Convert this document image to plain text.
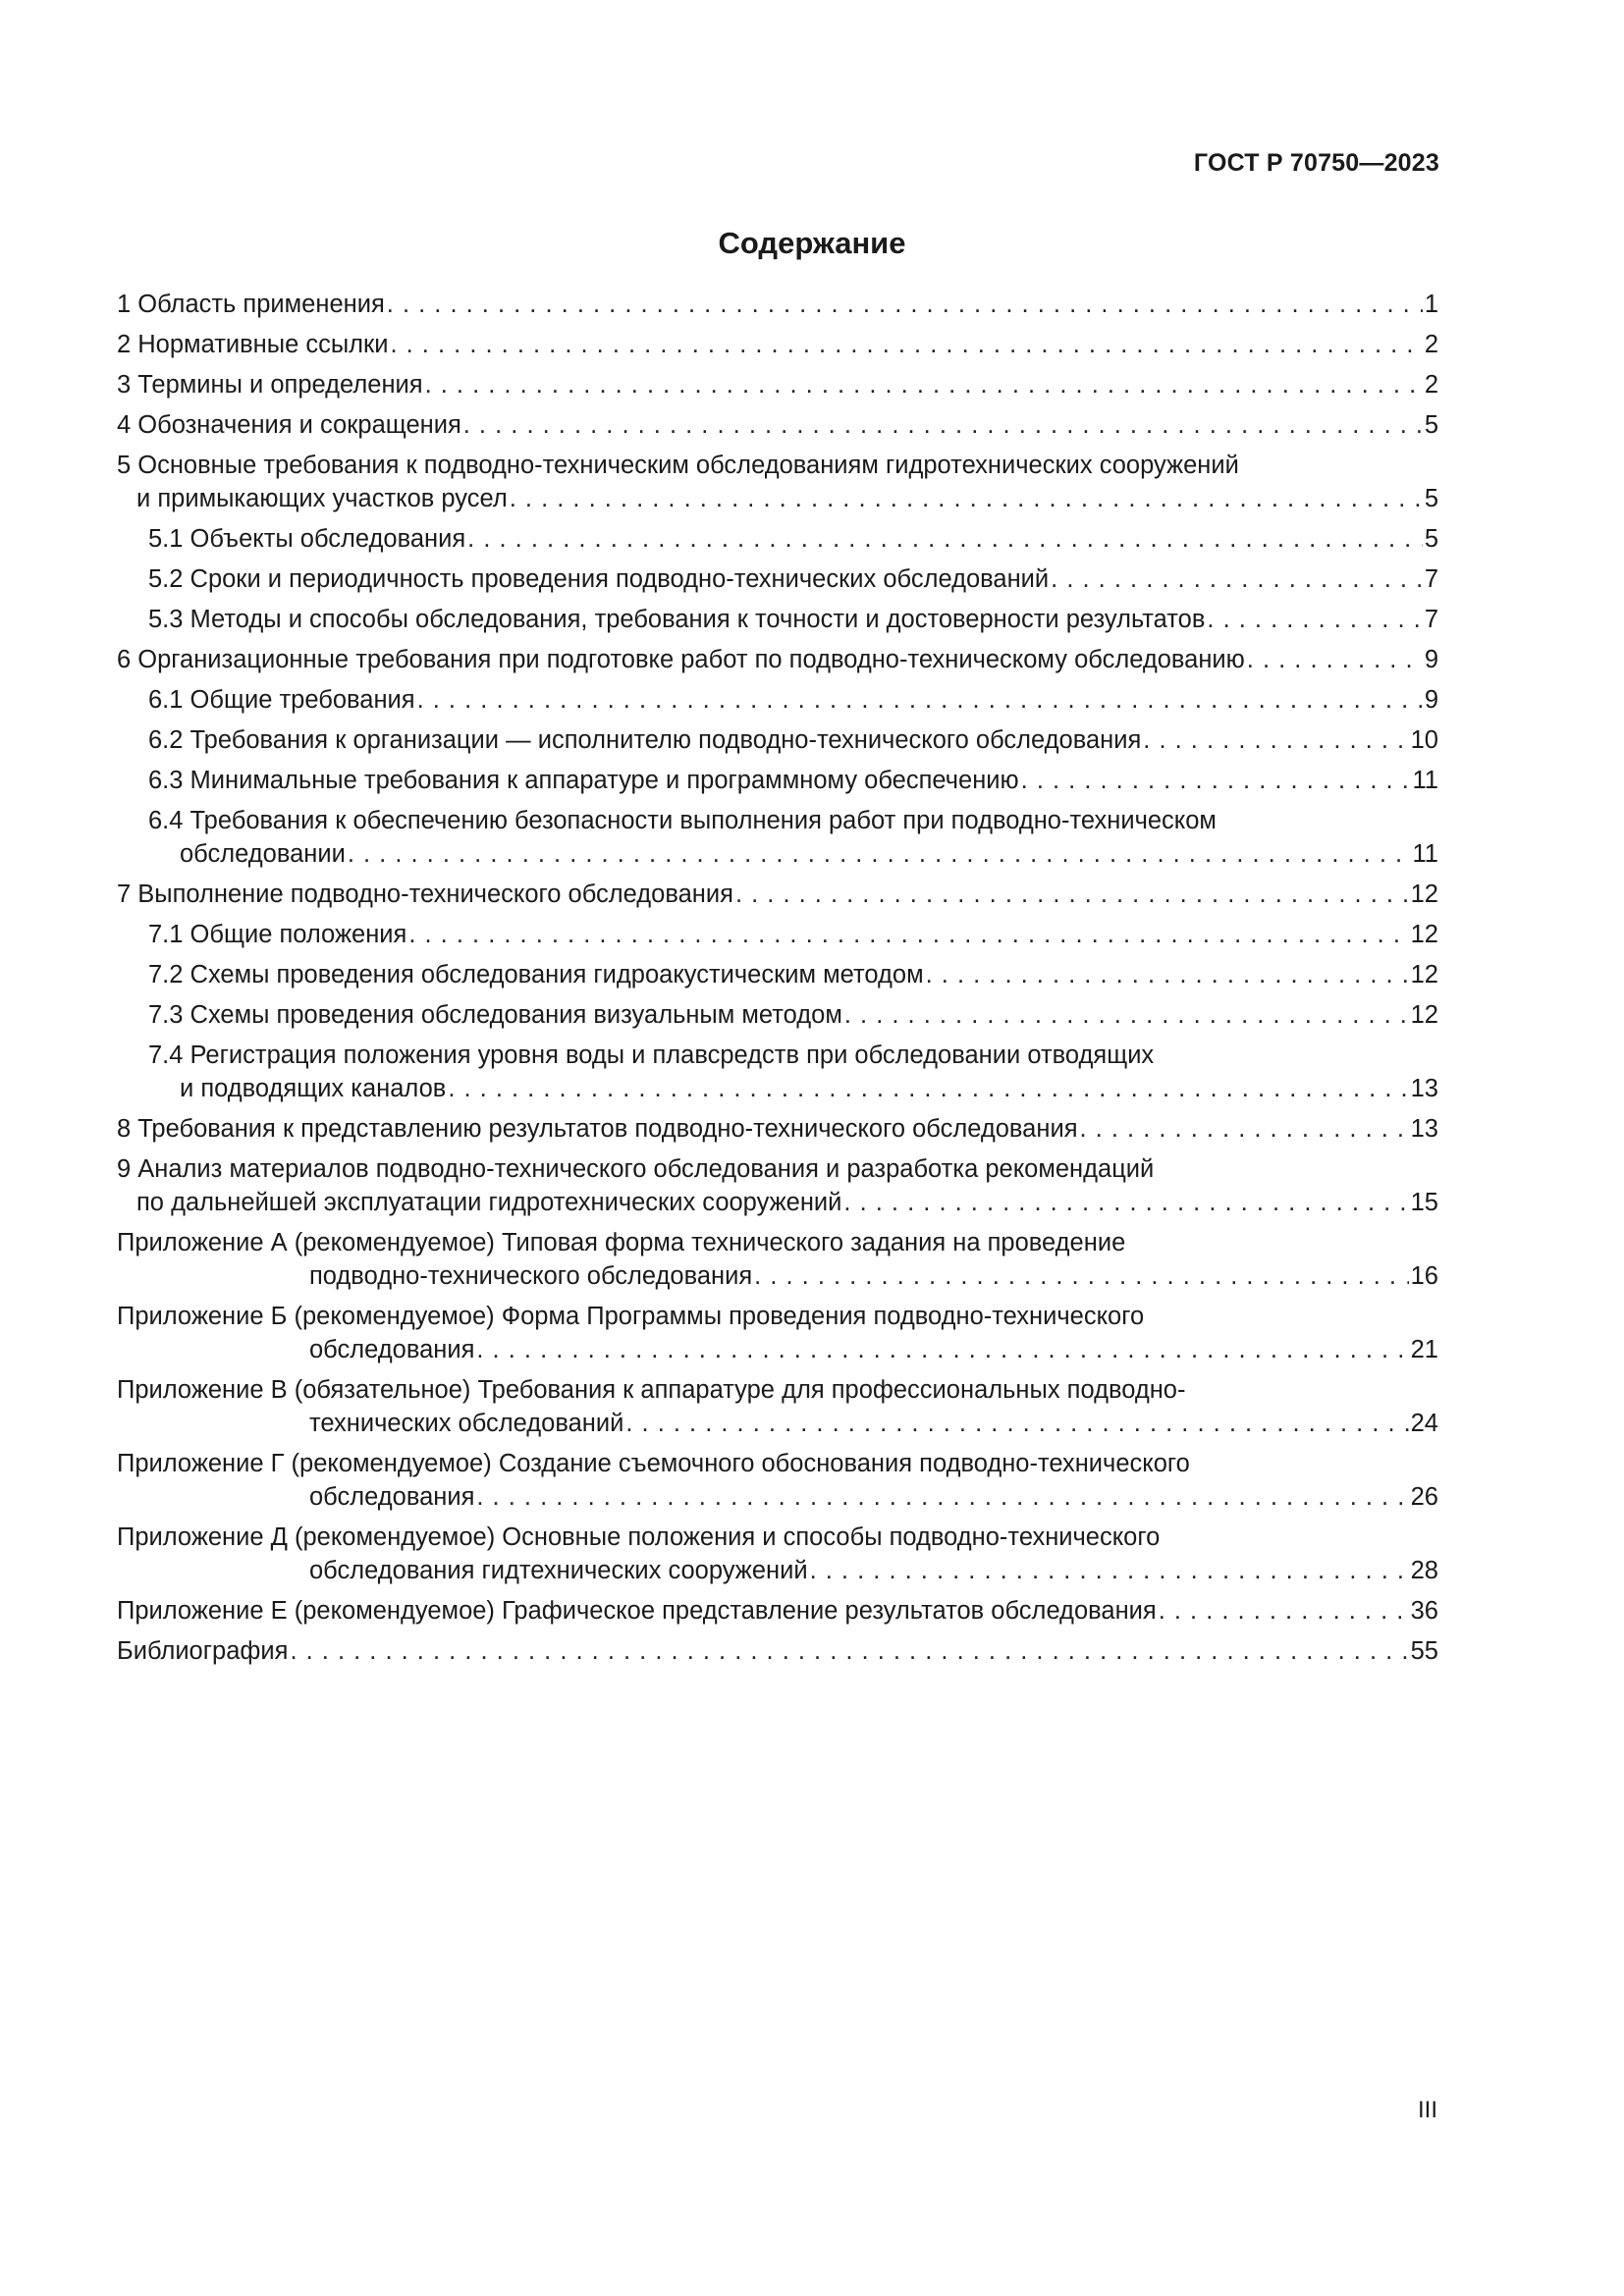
ГОСТ Р 70750—2023
Содержание
1 Область применения . . .	1
2 Нормативные ссылки . . .	2
3 Термины и определения . . .	2
4 Обозначения и сокращения . . .	5
5 Основные требования к подводно-техническим обследованиям гидротехнических сооружений
и примыкающих участков русел . . .	5
5.1 Объекты обследования . . .	5
5.2 Сроки и периодичность проведения подводно-технических обследований . . .	7
5.3 Методы и способы обследования, требования к точности и достоверности результатов . . .	7
6 Организационные требования при подготовке работ по подводно-техническому обследованию . . .	9
6.1 Общие требования . . .	9
6.2 Требования к организации — исполнителю подводно-технического обследования . . .	10
6.3 Минимальные требования к аппаратуре и программному обеспечению . . .	11
6.4 Требования к обеспечению безопасности выполнения работ при подводно-техническом
обследовании . . .	11
7 Выполнение подводно-технического обследования . . .	12
7.1 Общие положения . . .	12
7.2 Схемы проведения обследования гидроакустическим методом . . .	12
7.3 Схемы проведения обследования визуальным методом . . .	12
7.4 Регистрация положения уровня воды и плавсредств при обследовании отводящих
и подводящих каналов . . .	13
8 Требования к представлению результатов подводно-технического обследования . . .	13
9 Анализ материалов подводно-технического обследования и разработка рекомендаций
по дальнейшей эксплуатации гидротехнических сооружений . . .	15
Приложение А (рекомендуемое) Типовая форма технического задания на проведение
подводно-технического обследования . . .	16
Приложение Б (рекомендуемое) Форма Программы проведения подводно-технического
обследования . . .	21
Приложение В (обязательное) Требования к аппаратуре для профессиональных подводно-
технических обследований . . .	24
Приложение Г (рекомендуемое) Создание съемочного обоснования подводно-технического
обследования . . .	26
Приложение Д (рекомендуемое) Основные положения и способы подводно-технического
обследования гидтехнических сооружений . . .	28
Приложение Е (рекомендуемое) Графическое представление результатов обследования . . .	36
Библиография . . .	55
III
